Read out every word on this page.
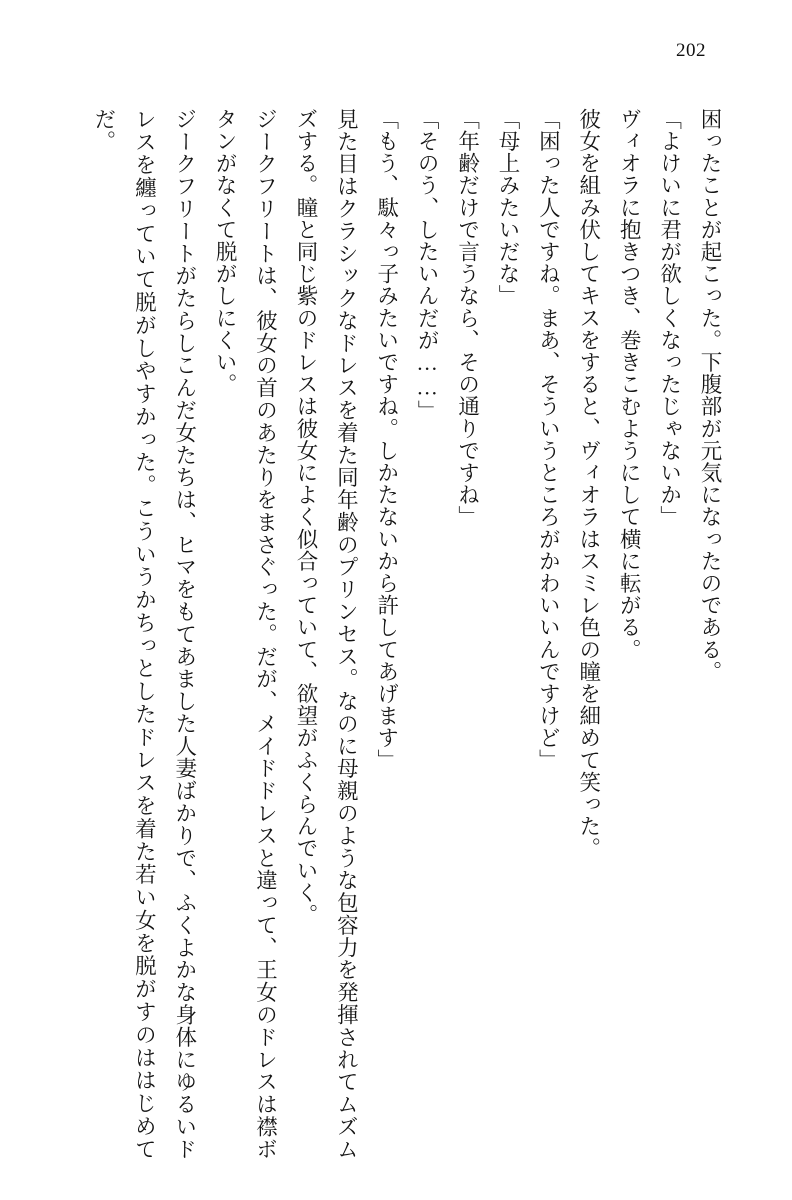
202

困ったことが起こった。下腹部が元気になったのである。

「よけいに君が欲しくなったじゃないか」

ヴィオラに抱きつき、巻きこむようにして横に転がる。

彼女を組み伏してキスをすると、ヴィオラはスミレ色の瞳を細めて笑った。

「困った人ですね。まあ、そういうところがかわいいんですけど」

「母上みたいだな」

「年齢だけで言うなら、その通りですね」

「そのう、したいんだが……」

「もう、駄々っ子みたいですね。しかたないから許してあげます」

見た目はクラシックなドレスを着た同年齢のプリンセス。なのに母親のような包容力を発揮されてムズムズする。瞳と同じ紫のドレスは彼女によく似合っていて、欲望がふくらんでいく。

ジークフリートは、彼女の首のあたりをまさぐった。だが、メイドドレスと違って、王女のドレスは襟ボタンがなくて脱がしにくい。

ジークフリートがたらしこんだ女たちは、ヒマをもてあました人妻ばかりで、ふくよかな身体にゆるいドレスを纏っていて脱がしやすかった。こういうかちっとしたドレスを着た若い女を脱がすのははじめてだ。
